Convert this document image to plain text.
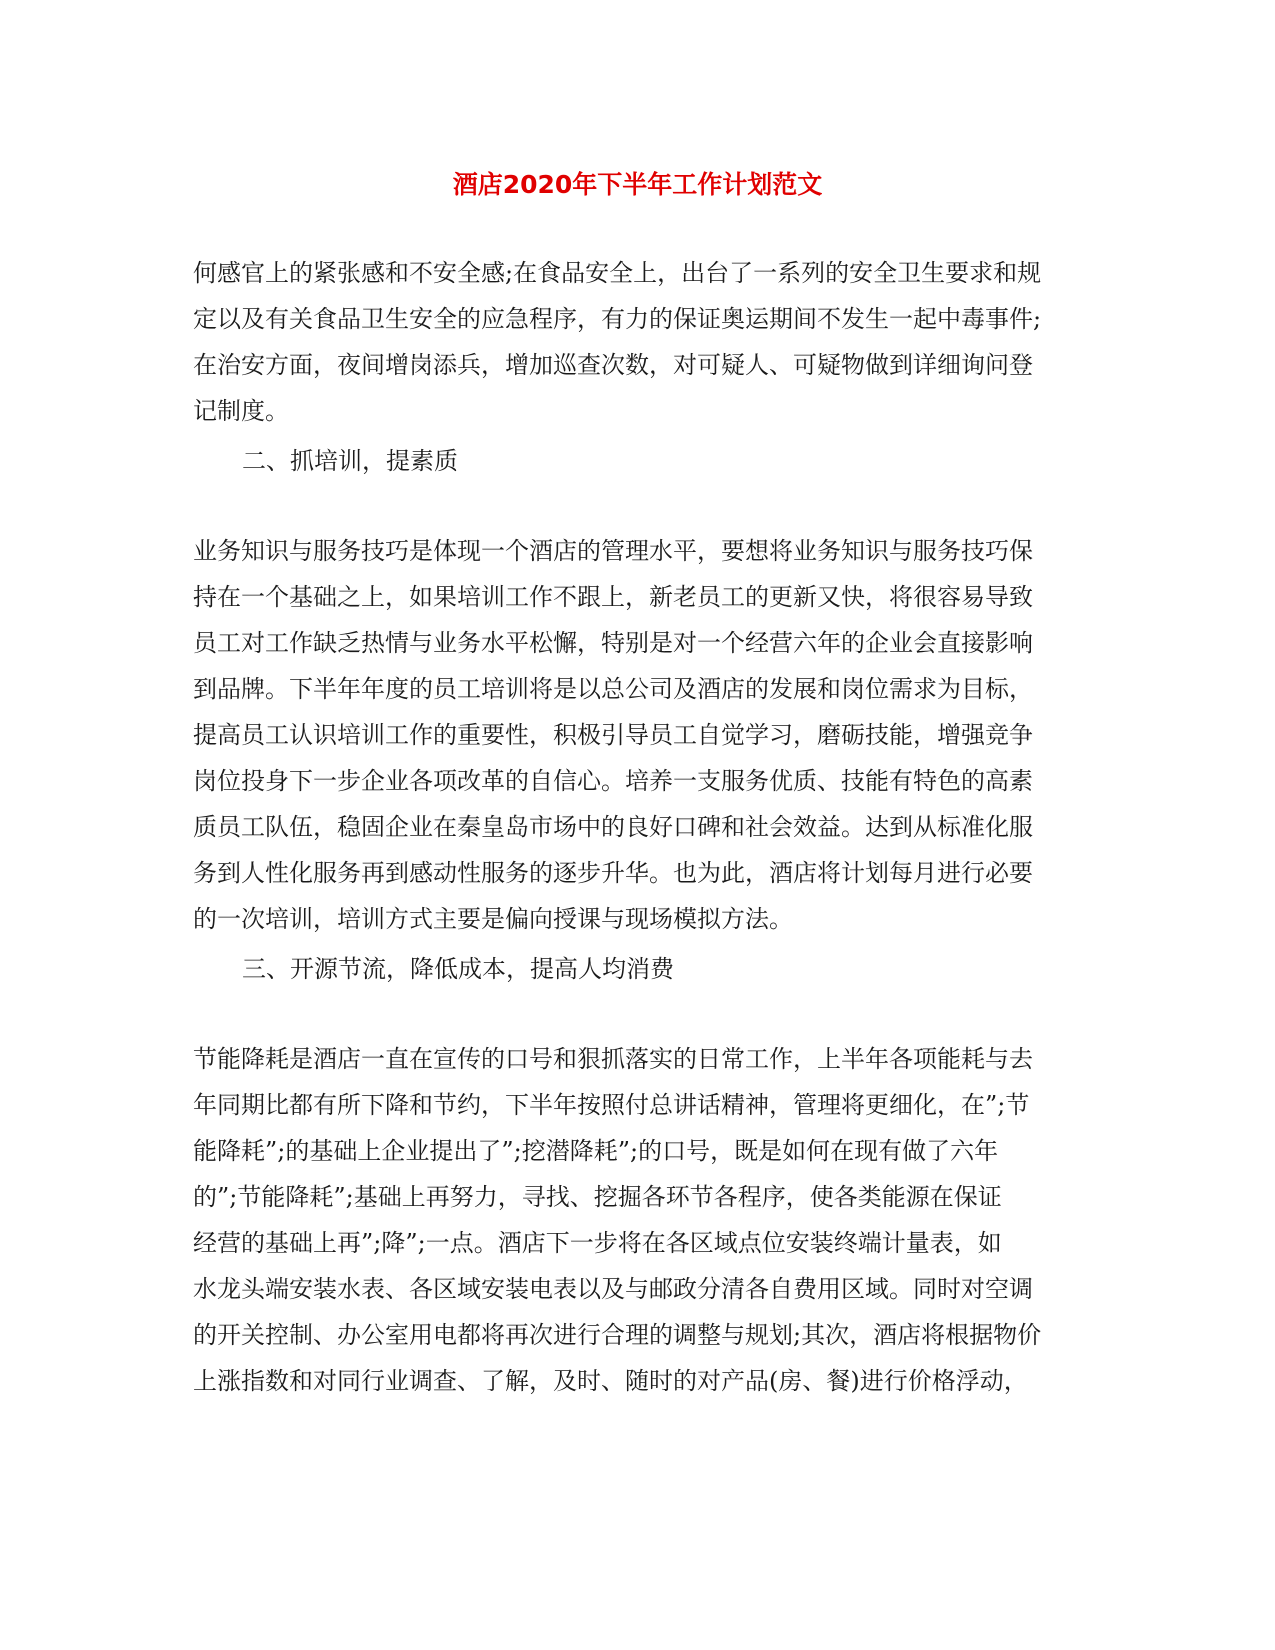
酒店2020年下半年工作计划范文
何感官上的紧张感和不安全感;在食品安全上，出台了一系列的安全卫生要求和规
定以及有关食品卫生安全的应急程序，有力的保证奥运期间不发生一起中毒事件;
在治安方面，夜间增岗添兵，增加巡查次数，对可疑人、可疑物做到详细询问登
记制度。
二、抓培训，提素质
业务知识与服务技巧是体现一个酒店的管理水平，要想将业务知识与服务技巧保
持在一个基础之上，如果培训工作不跟上，新老员工的更新又快，将很容易导致
员工对工作缺乏热情与业务水平松懈，特别是对一个经营六年的企业会直接影响
到品牌。下半年年度的员工培训将是以总公司及酒店的发展和岗位需求为目标，
提高员工认识培训工作的重要性，积极引导员工自觉学习，磨砺技能，增强竞争
岗位投身下一步企业各项改革的自信心。培养一支服务优质、技能有特色的高素
质员工队伍，稳固企业在秦皇岛市场中的良好口碑和社会效益。达到从标准化服
务到人性化服务再到感动性服务的逐步升华。也为此，酒店将计划每月进行必要
的一次培训，培训方式主要是偏向授课与现场模拟方法。
三、开源节流，降低成本，提高人均消费
节能降耗是酒店一直在宣传的口号和狠抓落实的日常工作，上半年各项能耗与去
年同期比都有所下降和节约，下半年按照付总讲话精神，管理将更细化，在”;节
能降耗”;的基础上企业提出了”;挖潜降耗”;的口号，既是如何在现有做了六年
的”;节能降耗”;基础上再努力，寻找、挖掘各环节各程序，使各类能源在保证
经营的基础上再”;降”;一点。酒店下一步将在各区域点位安装终端计量表，如
水龙头端安装水表、各区域安装电表以及与邮政分清各自费用区域。同时对空调
的开关控制、办公室用电都将再次进行合理的调整与规划;其次，酒店将根据物价
上涨指数和对同行业调查、了解，及时、随时的对产品(房、餐)进行价格浮动，
